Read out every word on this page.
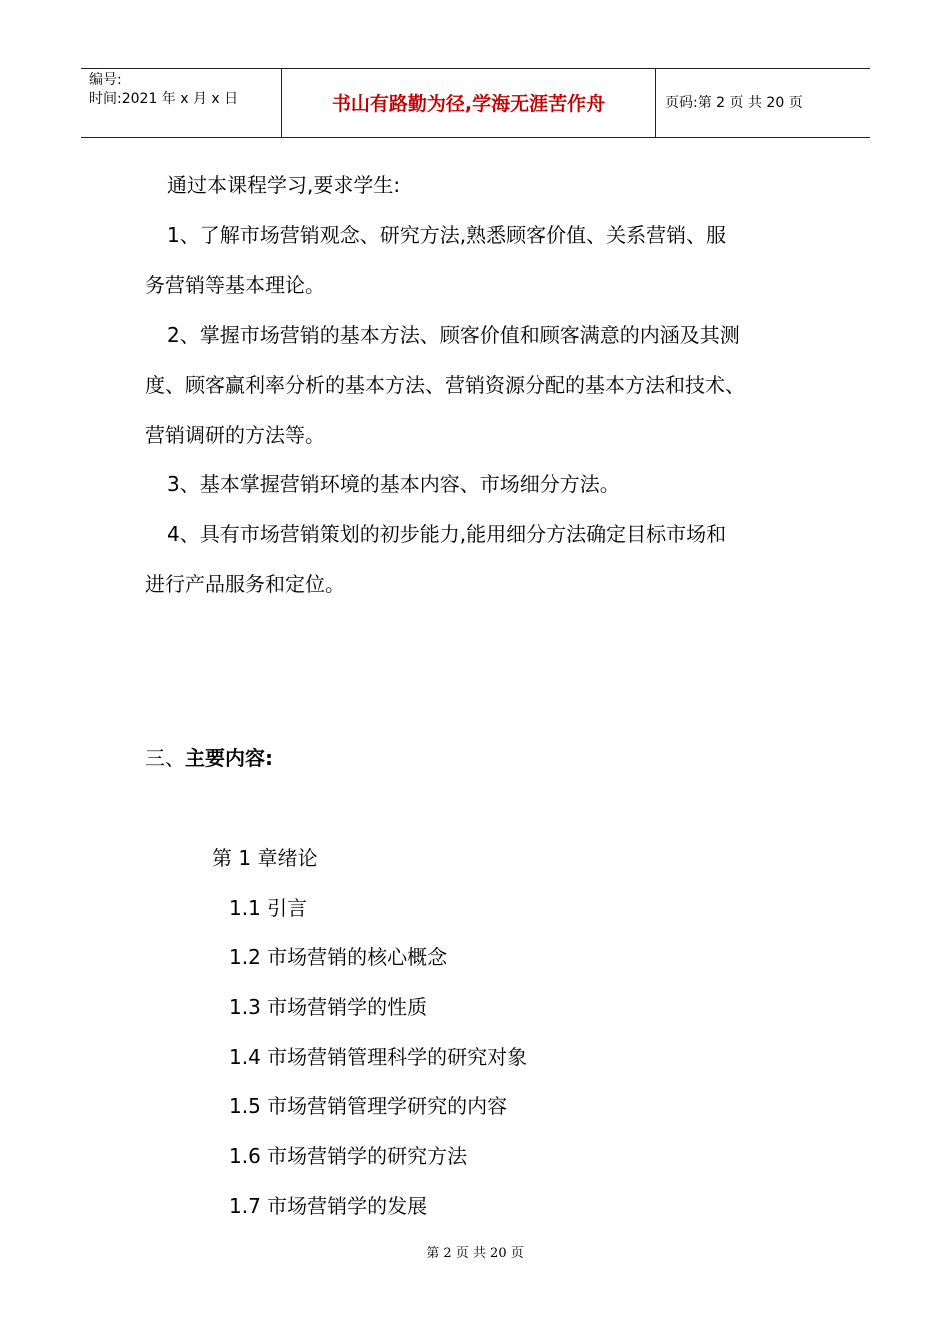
编号:
时间:2021 年 x 月 x 日	书山有路勤为径,学海无涯苦作舟	页码:第 2 页 共 20 页
通过本课程学习,要求学生:
1、了解市场营销观念、研究方法,熟悉顾客价值、关系营销、服
务营销等基本理论。
2、掌握市场营销的基本方法、顾客价值和顾客满意的内涵及其测
度、顾客赢利率分析的基本方法、营销资源分配的基本方法和技术、
营销调研的方法等。
3、基本掌握营销环境的基本内容、市场细分方法。
4、具有市场营销策划的初步能力,能用细分方法确定目标市场和
进行产品服务和定位。
三、主要内容:
第 1 章绪论
1.1 引言
1.2 市场营销的核心概念
1.3 市场营销学的性质
1.4 市场营销管理科学的研究对象
1.5 市场营销管理学研究的内容
1.6 市场营销学的研究方法
1.7 市场营销学的发展
第 2 页 共 20 页
